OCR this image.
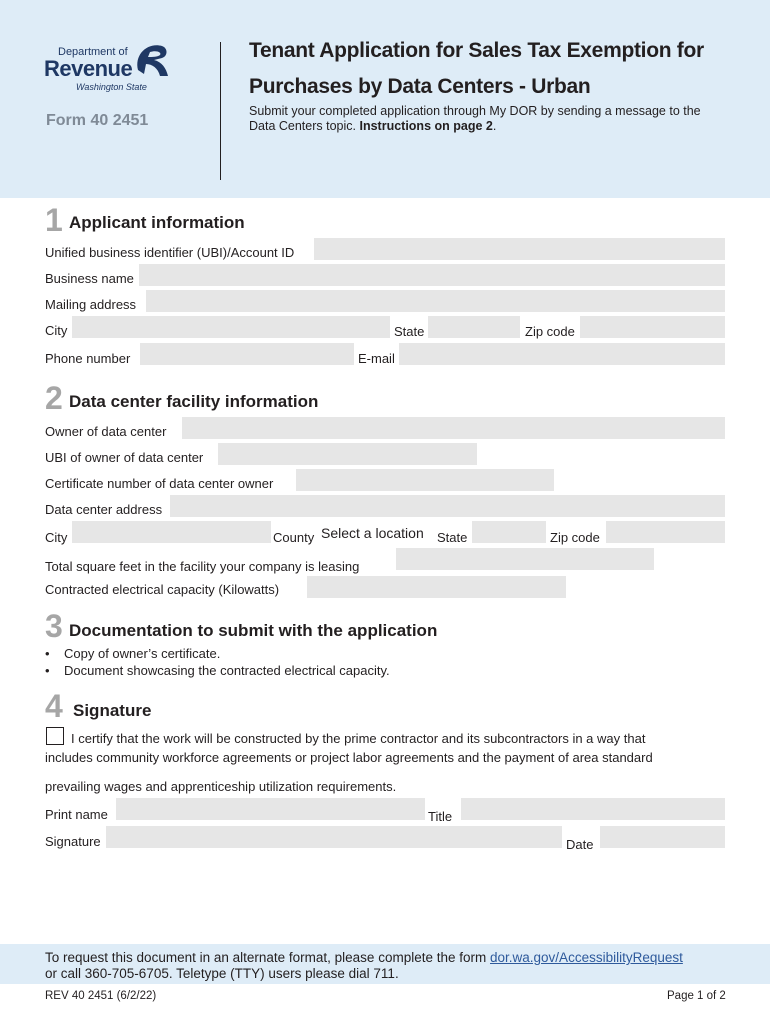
Department of
Revenue
Washington State
Form 40 2451
Tenant Application for Sales Tax Exemption for
Purchases by Data Centers - Urban
Submit your completed application through My DOR by sending a message to the Data Centers topic. Instructions on page 2.
1 Applicant information
Unified business identifier (UBI)/Account ID
Business name
Mailing address
City	State	Zip code
Phone number	E-mail
2 Data center facility information
Owner of data center
UBI of owner of data center
Certificate number of data center owner
Data center address
City	County Select a location State	Zip code
Total square feet in the facility your company is leasing
Contracted electrical capacity (Kilowatts)
3 Documentation to submit with the application
•    Copy of owner’s certificate.
•    Document showcasing the contracted electrical capacity.
4 Signature
I certify that the work will be constructed by the prime contractor and its subcontractors in a way that
includes community workforce agreements or project labor agreements and the payment of area standard
prevailing wages and apprenticeship utilization requirements.
Print name	Title
Signature	Date
To request this document in an alternate format, please complete the form dor.wa.gov/AccessibilityRequest
or call 360-705-6705. Teletype (TTY) users please dial 711.
REV 40 2451 (6/2/22)	Page 1 of 2
